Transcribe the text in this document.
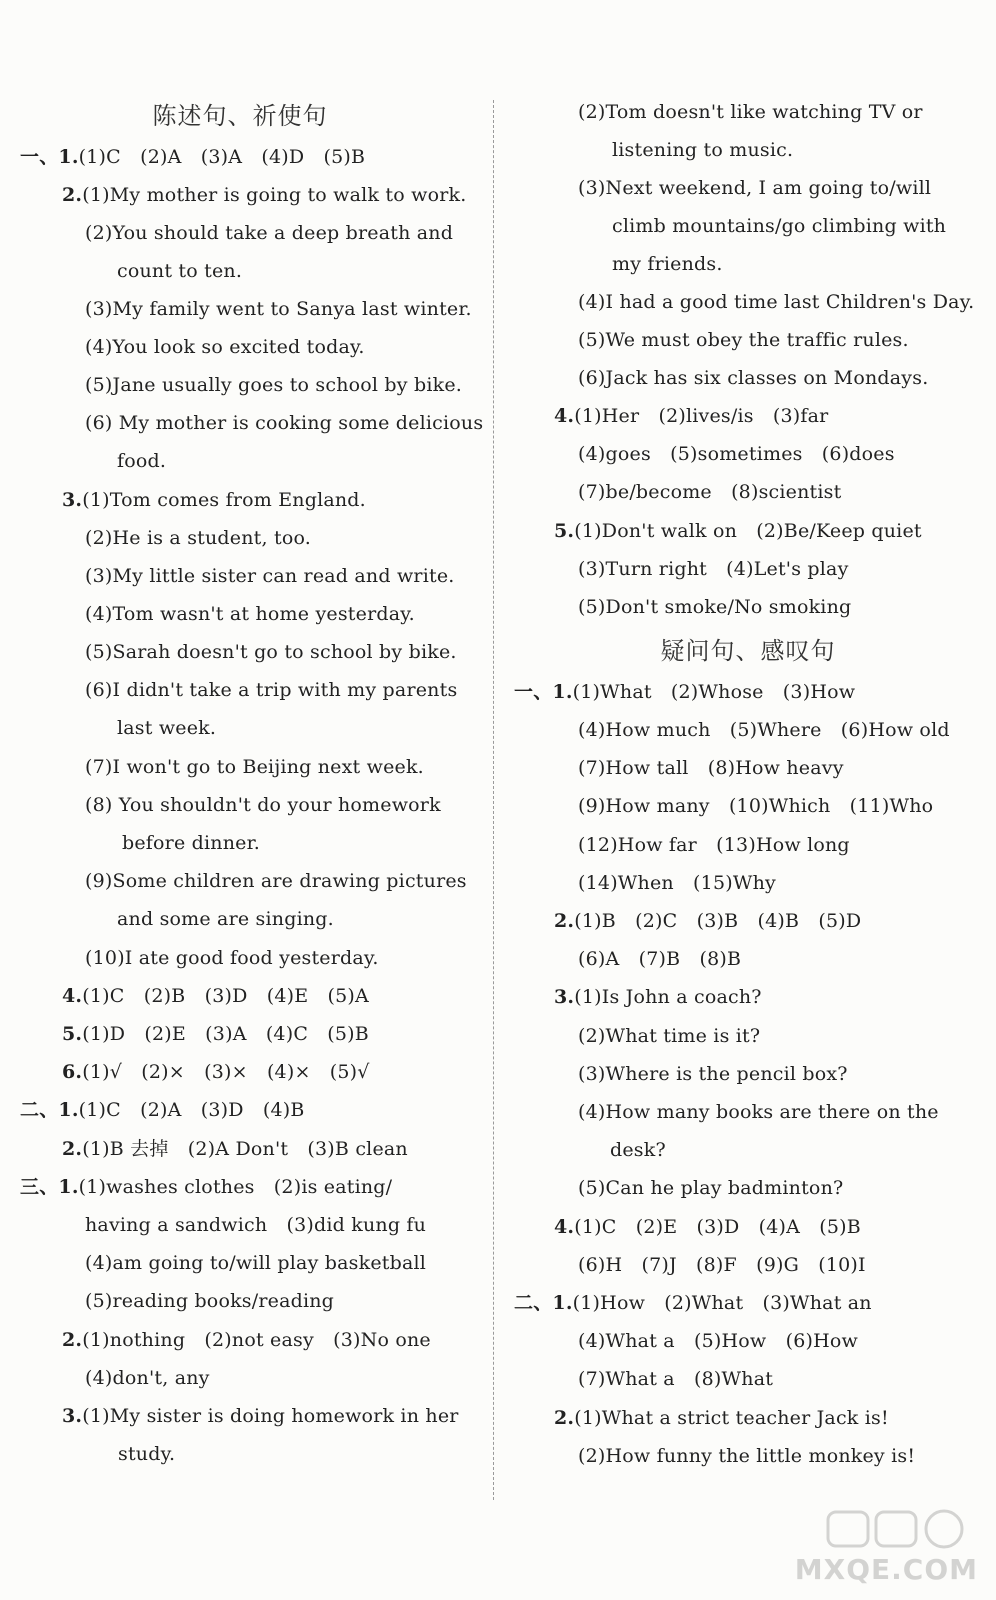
陈述句、祈使句
一、1.(1)C　(2)A　(3)A　(4)D　(5)B
2.(1)My mother is going to walk to work.
(2)You should take a deep breath and
count to ten.
(3)My family went to Sanya last winter.
(4)You look so excited today.
(5)Jane usually goes to school by bike.
(6) My mother is cooking some delicious
food.
3.(1)Tom comes from England.
(2)He is a student, too.
(3)My little sister can read and write.
(4)Tom wasn't at home yesterday.
(5)Sarah doesn't go to school by bike.
(6)I didn't take a trip with my parents
last week.
(7)I won't go to Beijing next week.
(8) You shouldn't do your homework
before dinner.
(9)Some children are drawing pictures
and some are singing.
(10)I ate good food yesterday.
4.(1)C　(2)B　(3)D　(4)E　(5)A
5.(1)D　(2)E　(3)A　(4)C　(5)B
6.(1)√　(2)×　(3)×　(4)×　(5)√
二、1.(1)C　(2)A　(3)D　(4)B
2.(1)B 去掉　(2)A Don't　(3)B clean
三、1.(1)washes clothes　(2)is eating/
having a sandwich　(3)did kung fu
(4)am going to/will play basketball
(5)reading books/reading
2.(1)nothing　(2)not easy　(3)No one
(4)don't, any
3.(1)My sister is doing homework in her
study.
(2)Tom doesn't like watching TV or
listening to music.
(3)Next weekend, I am going to/will
climb mountains/go climbing with
my friends.
(4)I had a good time last Children's Day.
(5)We must obey the traffic rules.
(6)Jack has six classes on Mondays.
4.(1)Her　(2)lives/is　(3)far
(4)goes　(5)sometimes　(6)does
(7)be/become　(8)scientist
5.(1)Don't walk on　(2)Be/Keep quiet
(3)Turn right　(4)Let's play
(5)Don't smoke/No smoking
疑问句、感叹句
一、1.(1)What　(2)Whose　(3)How
(4)How much　(5)Where　(6)How old
(7)How tall　(8)How heavy
(9)How many　(10)Which　(11)Who
(12)How far　(13)How long
(14)When　(15)Why
2.(1)B　(2)C　(3)B　(4)B　(5)D
(6)A　(7)B　(8)B
3.(1)Is John a coach?
(2)What time is it?
(3)Where is the pencil box?
(4)How many books are there on the
desk?
(5)Can he play badminton?
4.(1)C　(2)E　(3)D　(4)A　(5)B
(6)H　(7)J　(8)F　(9)G　(10)I
二、1.(1)How　(2)What　(3)What an
(4)What a　(5)How　(6)How
(7)What a　(8)What
2.(1)What a strict teacher Jack is!
(2)How funny the little monkey is!
MXQE.COM
